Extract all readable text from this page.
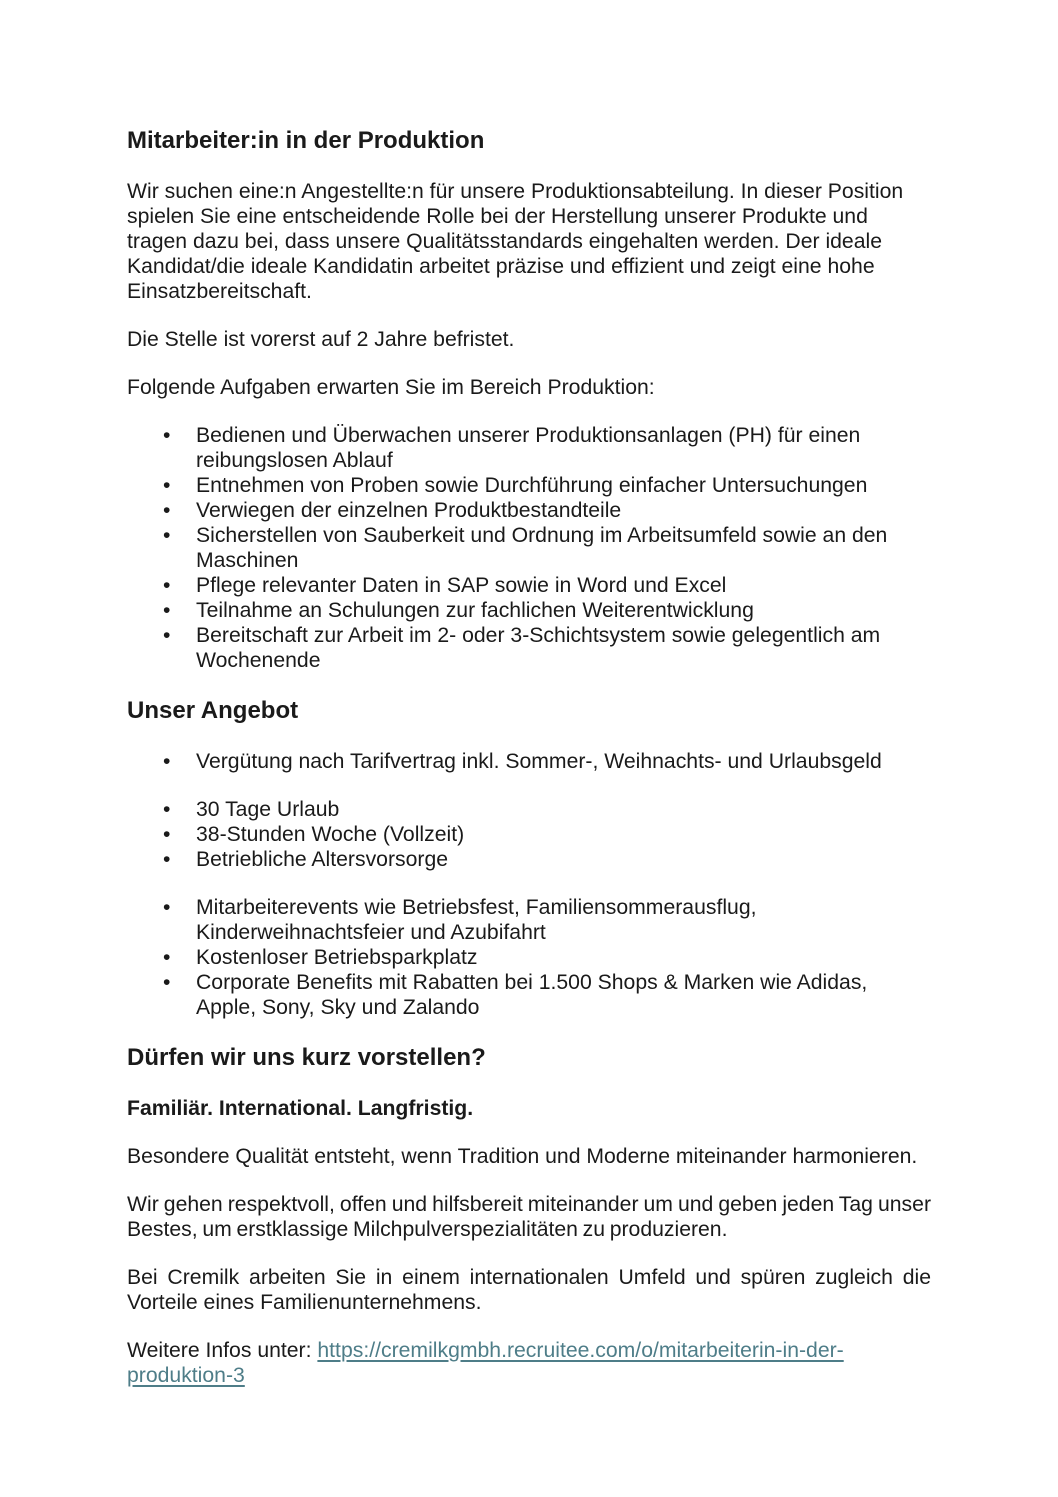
Mitarbeiter:in in der Produktion

Wir suchen eine:n Angestellte:n für unsere Produktionsabteilung. In dieser Position spielen Sie eine entscheidende Rolle bei der Herstellung unserer Produkte und tragen dazu bei, dass unsere Qualitätsstandards eingehalten werden. Der ideale Kandidat/die ideale Kandidatin arbeitet präzise und effizient und zeigt eine hohe Einsatzbereitschaft.

Die Stelle ist vorerst auf 2 Jahre befristet.

Folgende Aufgaben erwarten Sie im Bereich Produktion:

• Bedienen und Überwachen unserer Produktionsanlagen (PH) für einen reibungslosen Ablauf
• Entnehmen von Proben sowie Durchführung einfacher Untersuchungen
• Verwiegen der einzelnen Produktbestandteile
• Sicherstellen von Sauberkeit und Ordnung im Arbeitsumfeld sowie an den Maschinen
• Pflege relevanter Daten in SAP sowie in Word und Excel
• Teilnahme an Schulungen zur fachlichen Weiterentwicklung
• Bereitschaft zur Arbeit im 2- oder 3-Schichtsystem sowie gelegentlich am Wochenende
Unser Angebot
• Vergütung nach Tarifvertrag inkl. Sommer-, Weihnachts- und Urlaubsgeld
• 30 Tage Urlaub
• 38-Stunden Woche (Vollzeit)
• Betriebliche Altersvorsorge
• Mitarbeiterevents wie Betriebsfest, Familiensommerausflug, Kinderweihnachtsfeier und Azubifahrt
• Kostenloser Betriebsparkplatz
• Corporate Benefits mit Rabatten bei 1.500 Shops & Marken wie Adidas, Apple, Sony, Sky und Zalando
Dürfen wir uns kurz vorstellen?
Familiär. International. Langfristig.

Besondere Qualität entsteht, wenn Tradition und Moderne miteinander harmonieren.

Wir gehen respektvoll, offen und hilfsbereit miteinander um und geben jeden Tag unser Bestes, um erstklassige Milchpulverspezialitäten zu produzieren.

Bei Cremilk arbeiten Sie in einem internationalen Umfeld und spüren zugleich die Vorteile eines Familienunternehmens.

Weitere Infos unter: https://cremilkgmbh.recruitee.com/o/mitarbeiterin-in-der-produktion-3
